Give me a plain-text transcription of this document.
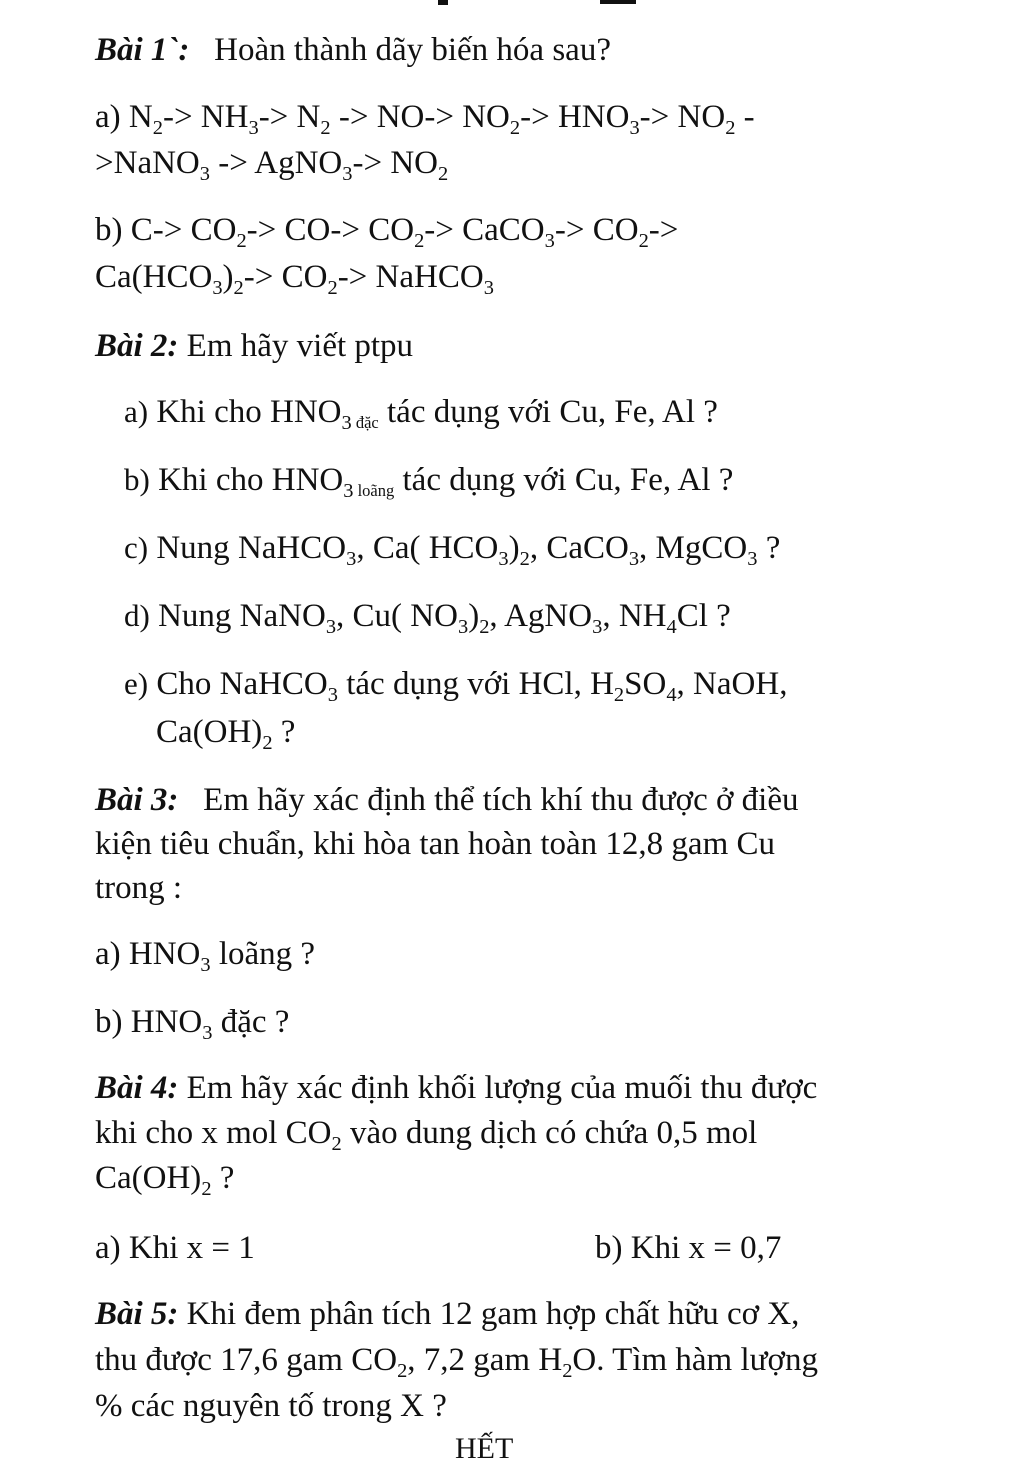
Bài 1`: Hoàn thành dãy biến hóa sau?
a) $N_2-> NH_3-> N_2 -> NO-> NO_2-> HNO_3-> NO_2$ -
>NaNO$_3$ -> AgNO$_3$-> $NO_2$
b) $C-> CO_2-> CO-> CO_2->$ CaCO$_3$-> $CO_2->$
$Ca(HCO_3)_2-> CO_2->$ NaHCO$_3$
Bài 2: Em hãy viết ptpu
a) Khi cho $HNO_3$ $_{đặc}$ tác dụng với Cu, Fe, Al ?
b) Khi cho $HNO_3$ $_{loãng}$ tác dụng với Cu, Fe, Al ?
c) Nung NaHCO$_3$, Ca( $HCO_3)_2$, CaCO$_3$, MgCO$_3$ ?
d) Nung NaNO$_3$, Cu( $NO_3)_2$, AgNO$_3$, $NH_4Cl$ ?
e) Cho NaHCO$_3$ tác dụng với HCl, $H_2SO_4$, NaOH,
$Ca(OH)_2$ ?
Bài 3: Em hãy xác định thể tích khí thu được ở điều
kiện tiêu chuẩn, khi hòa tan hoàn toàn 12,8 gam Cu
trong :
a) $HNO_3$ loãng ?
b) $HNO_3$ đặc ?
Bài 4: Em hãy xác định khối lượng của muối thu được
khi cho x mol $CO_2$ vào dung dịch có chứa 0,5 mol
$Ca(OH)_2$ ?
a) Khi x = 1	b) Khi x = 0,7
Bài 5: Khi đem phân tích 12 gam hợp chất hữu cơ X,
thu được 17,6 gam $CO_2$, 7,2 gam $H_2O$. Tìm hàm lượng
% các nguyên tố trong X ?
HẾT
